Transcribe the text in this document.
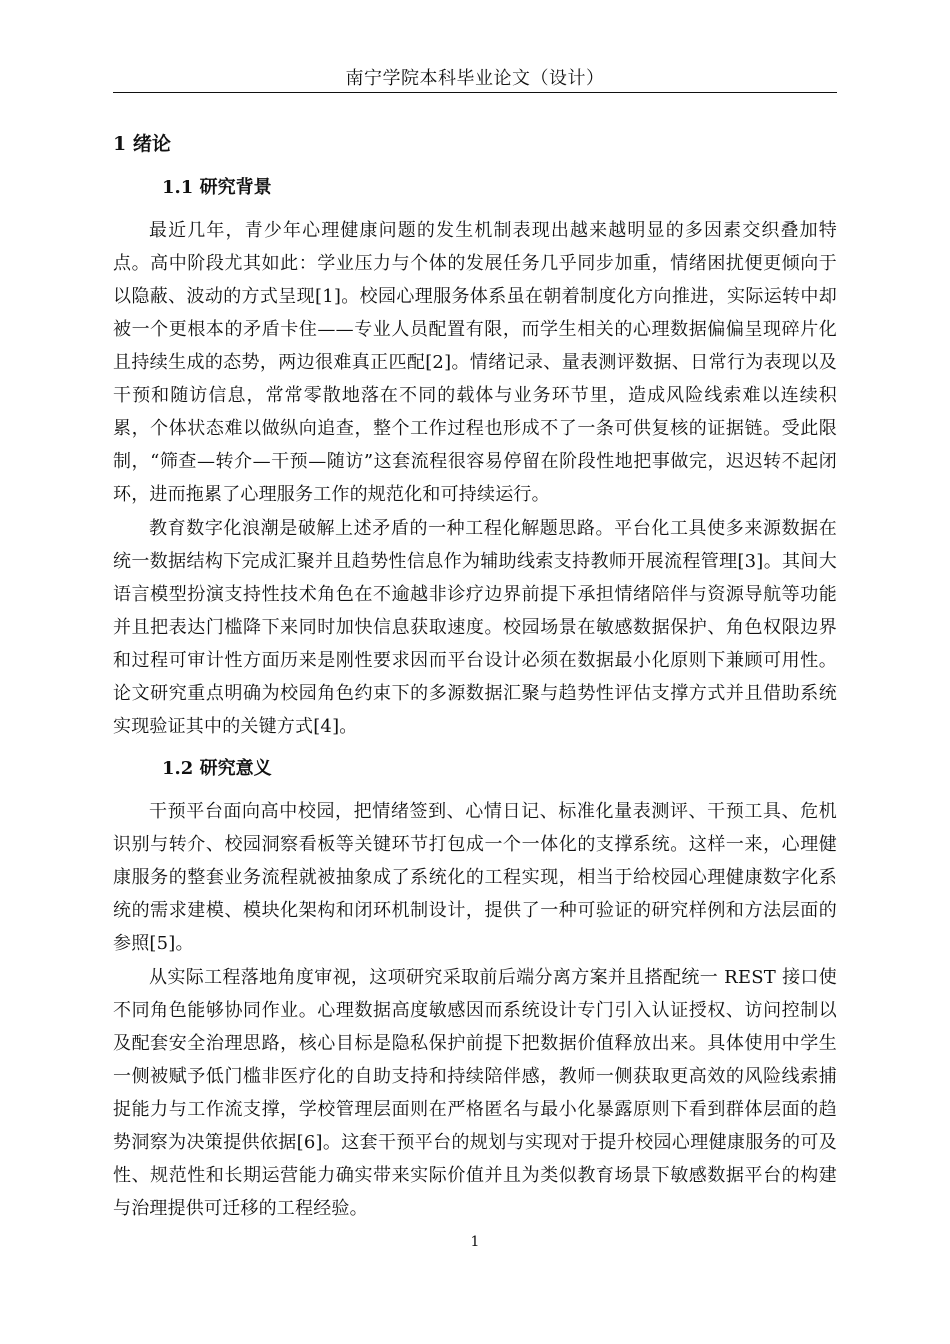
南宁学院本科毕业论文（设计）
1 绪论
1.1 研究背景

最近几年，青少年心理健康问题的发生机制表现出越来越明显的多因素交织叠加特点。高中阶段尤其如此：学业压力与个体的发展任务几乎同步加重，情绪困扰便更倾向于以隐蔽、波动的方式呈现[1]。校园心理服务体系虽在朝着制度化方向推进，实际运转中却被一个更根本的矛盾卡住——专业人员配置有限，而学生相关的心理数据偏偏呈现碎片化且持续生成的态势，两边很难真正匹配[2]。情绪记录、量表测评数据、日常行为表现以及干预和随访信息，常常零散地落在不同的载体与业务环节里，造成风险线索难以连续积累，个体状态难以做纵向追查，整个工作过程也形成不了一条可供复核的证据链。受此限制，“筛查—转介—干预—随访”这套流程很容易停留在阶段性地把事做完，迟迟转不起闭环，进而拖累了心理服务工作的规范化和可持续运行。

教育数字化浪潮是破解上述矛盾的一种工程化解题思路。平台化工具使多来源数据在统一数据结构下完成汇聚并且趋势性信息作为辅助线索支持教师开展流程管理[3]。其间大语言模型扮演支持性技术角色在不逾越非诊疗边界前提下承担情绪陪伴与资源导航等功能并且把表达门槛降下来同时加快信息获取速度。校园场景在敏感数据保护、角色权限边界和过程可审计性方面历来是刚性要求因而平台设计必须在数据最小化原则下兼顾可用性。论文研究重点明确为校园角色约束下的多源数据汇聚与趋势性评估支撑方式并且借助系统实现验证其中的关键方式[4]。

1.2 研究意义

干预平台面向高中校园，把情绪签到、心情日记、标准化量表测评、干预工具、危机识别与转介、校园洞察看板等关键环节打包成一个一体化的支撑系统。这样一来，心理健康服务的整套业务流程就被抽象成了系统化的工程实现，相当于给校园心理健康数字化系统的需求建模、模块化架构和闭环机制设计，提供了一种可验证的研究样例和方法层面的参照[5]。

从实际工程落地角度审视，这项研究采取前后端分离方案并且搭配统一 REST 接口使不同角色能够协同作业。心理数据高度敏感因而系统设计专门引入认证授权、访问控制以及配套安全治理思路，核心目标是隐私保护前提下把数据价值释放出来。具体使用中学生一侧被赋予低门槛非医疗化的自助支持和持续陪伴感，教师一侧获取更高效的风险线索捕捉能力与工作流支撑，学校管理层面则在严格匿名与最小化暴露原则下看到群体层面的趋势洞察为决策提供依据[6]。这套干预平台的规划与实现对于提升校园心理健康服务的可及性、规范性和长期运营能力确实带来实际价值并且为类似教育场景下敏感数据平台的构建与治理提供可迁移的工程经验。

1
